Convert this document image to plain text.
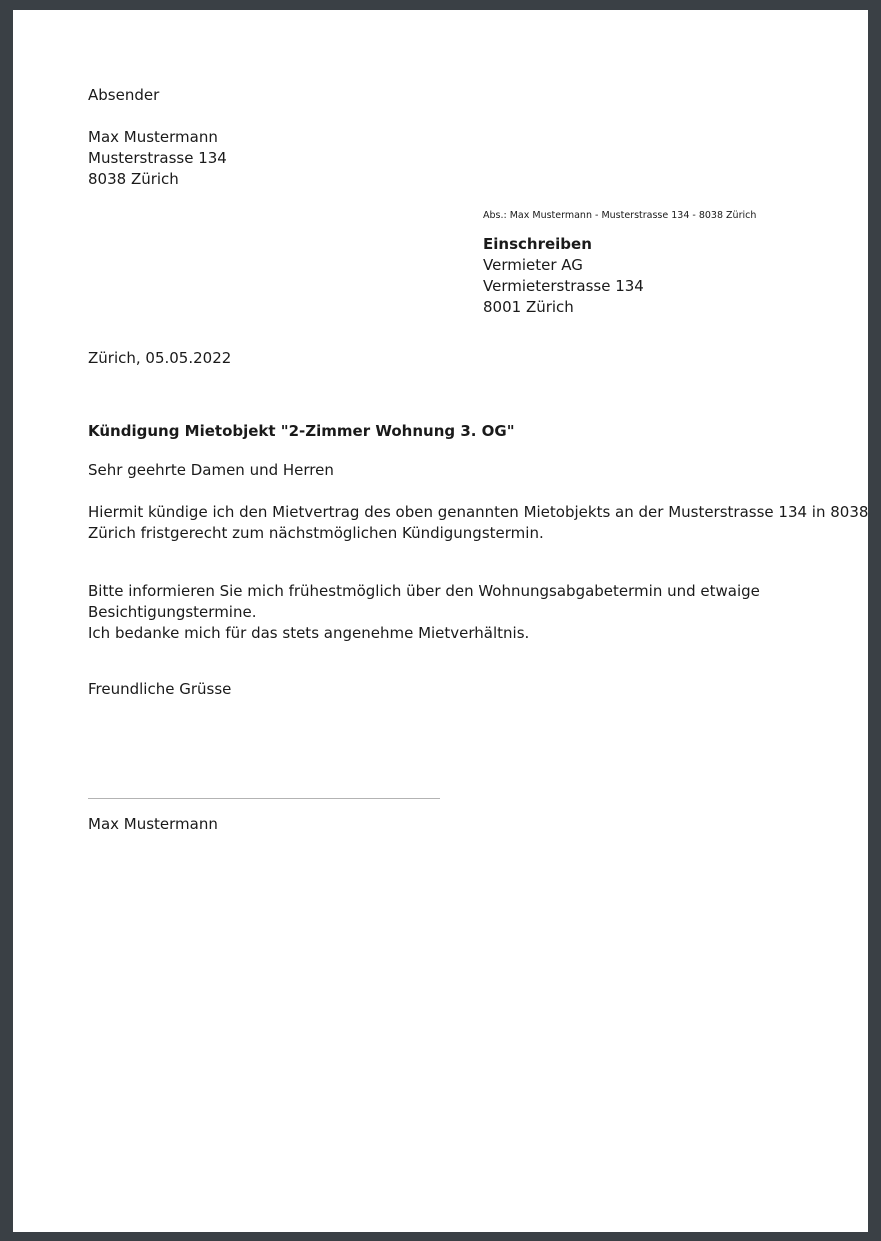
Absender
Max Mustermann
Musterstrasse 134
8038 Zürich
Abs.: Max Mustermann - Musterstrasse 134 - 8038 Zürich
Einschreiben
Vermieter AG
Vermieterstrasse 134
8001 Zürich
Zürich, 05.05.2022
Kündigung Mietobjekt "2-Zimmer Wohnung 3. OG"
Sehr geehrte Damen und Herren
Hiermit kündige ich den Mietvertrag des oben genannten Mietobjekts an der Musterstrasse 134 in 8038
Zürich fristgerecht zum nächstmöglichen Kündigungstermin.
Bitte informieren Sie mich frühestmöglich über den Wohnungsabgabetermin und etwaige
Besichtigungstermine.
Ich bedanke mich für das stets angenehme Mietverhältnis.
Freundliche Grüsse
Max Mustermann
